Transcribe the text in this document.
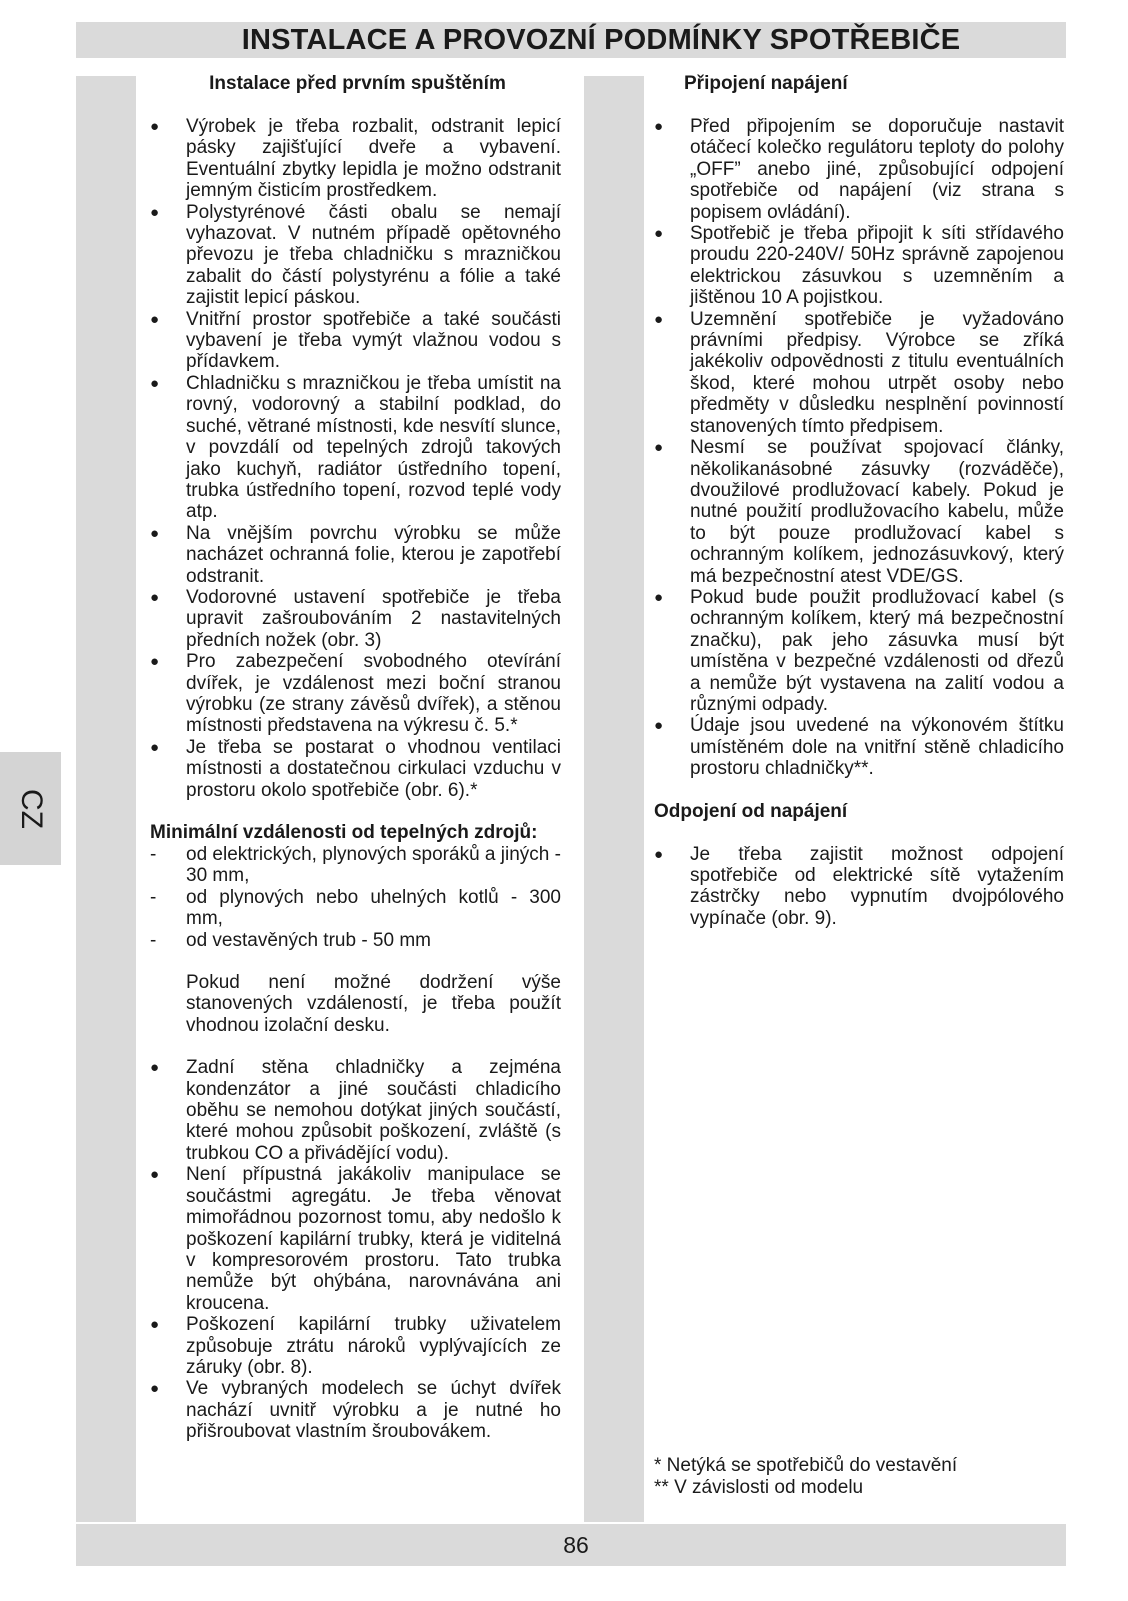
INSTALACE A PROVOZNÍ PODMÍNKY SPOTŘEBIČE
CZ
Instalace před prvním spuštěním
● Výrobek je třeba rozbalit, odstranit lepicí pásky zajišťující dveře a vybavení. Eventuální zbytky lepidla je možno odstranit jemným čisticím prostředkem.
● Polystyrénové části obalu se nemají vyhazovat. V nutném případě opětovného převozu je třeba chladničku s mrazničkou zabalit do částí polystyrénu a fólie a také zajistit lepicí páskou.
● Vnitřní prostor spotřebiče a také součásti vybavení je třeba vymýt vlažnou vodou s přídavkem.
● Chladničku s mrazničkou je třeba umístit na rovný, vodorovný a stabilní podklad, do suché, větrané místnosti, kde nesvítí slunce, v povzdálí od tepelných zdrojů takových jako kuchyň, radiátor ústředního topení, trubka ústředního topení, rozvod teplé vody atp.
● Na vnějším povrchu výrobku se může nacházet ochranná folie, kterou je zapotřebí odstranit.
● Vodorovné ustavení spotřebiče je třeba upravit zašroubováním 2 nastavitelných předních nožek (obr. 3)
● Pro zabezpečení svobodného otevírání dvířek, je vzdálenost mezi boční stranou výrobku (ze strany závěsů dvířek), a stěnou místnosti představena na výkresu č. 5.*
● Je třeba se postarat o vhodnou ventilaci místnosti a dostatečnou cirkulaci vzduchu v prostoru okolo spotřebiče (obr. 6).*
Minimální vzdálenosti od tepelných zdrojů:
- od elektrických, plynových sporáků a jiných - 30 mm,
- od plynových nebo uhelných kotlů - 300 mm,
- od vestavěných trub - 50 mm

Pokud není možné dodržení výše stanovených vzdáleností, je třeba použít vhodnou izolační desku.

● Zadní stěna chladničky a zejména kondenzátor a jiné součásti chladicího oběhu se nemohou dotýkat jiných součástí, které mohou způsobit poškození, zvláště (s trubkou CO a přivádějící vodu).
● Není přípustná jakákoliv manipulace se součástmi agregátu. Je třeba věnovat mimořádnou pozornost tomu, aby nedošlo k poškození kapilární trubky, která je viditelná v kompresorovém prostoru. Tato trubka nemůže být ohýbána, narovnávána ani kroucena.
● Poškození kapilární trubky uživatelem způsobuje ztrátu nároků vyplývajících ze záruky (obr. 8).
● Ve vybraných modelech se úchyt dvířek nachází uvnitř výrobku a je nutné ho přišroubovat vlastním šroubovákem.
Připojení napájení
● Před připojením se doporučuje nastavit otáčecí kolečko regulátoru teploty do polohy „OFF” anebo jiné, způsobující odpojení spotřebiče od napájení (viz strana s popisem ovládání).
● Spotřebič je třeba připojit k síti střídavého proudu 220-240V/ 50Hz správně zapojenou elektrickou zásuvkou s uzemněním a jištěnou 10 A pojistkou.
● Uzemnění spotřebiče je vyžadováno právními předpisy. Výrobce se zříká jakékoliv odpovědnosti z titulu eventuálních škod, které mohou utrpět osoby nebo předměty v důsledku nesplnění povinností stanovených tímto předpisem.
● Nesmí se používat spojovací články, několikanásobné zásuvky (rozváděče), dvoužilové prodlužovací kabely. Pokud je nutné použití prodlužovacího kabelu, může to být pouze prodlužovací kabel s ochranným kolíkem, jednozásuvkový, který má bezpečnostní atest VDE/GS.
● Pokud bude použit prodlužovací kabel (s ochranným kolíkem, který má bezpečnostní značku), pak jeho zásuvka musí být umístěna v bezpečné vzdálenosti od dřezů a nemůže být vystavena na zalití vodou a různými odpady.
● Údaje jsou uvedené na výkonovém štítku umístěném dole na vnitřní stěně chladicího prostoru chladničky**.
Odpojení od napájení
● Je třeba zajistit možnost odpojení spotřebiče od elektrické sítě vytažením zástrčky nebo vypnutím dvojpólového vypínače (obr. 9).
* Netýká se spotřebičů do vestavění
** V závislosti od modelu
86
